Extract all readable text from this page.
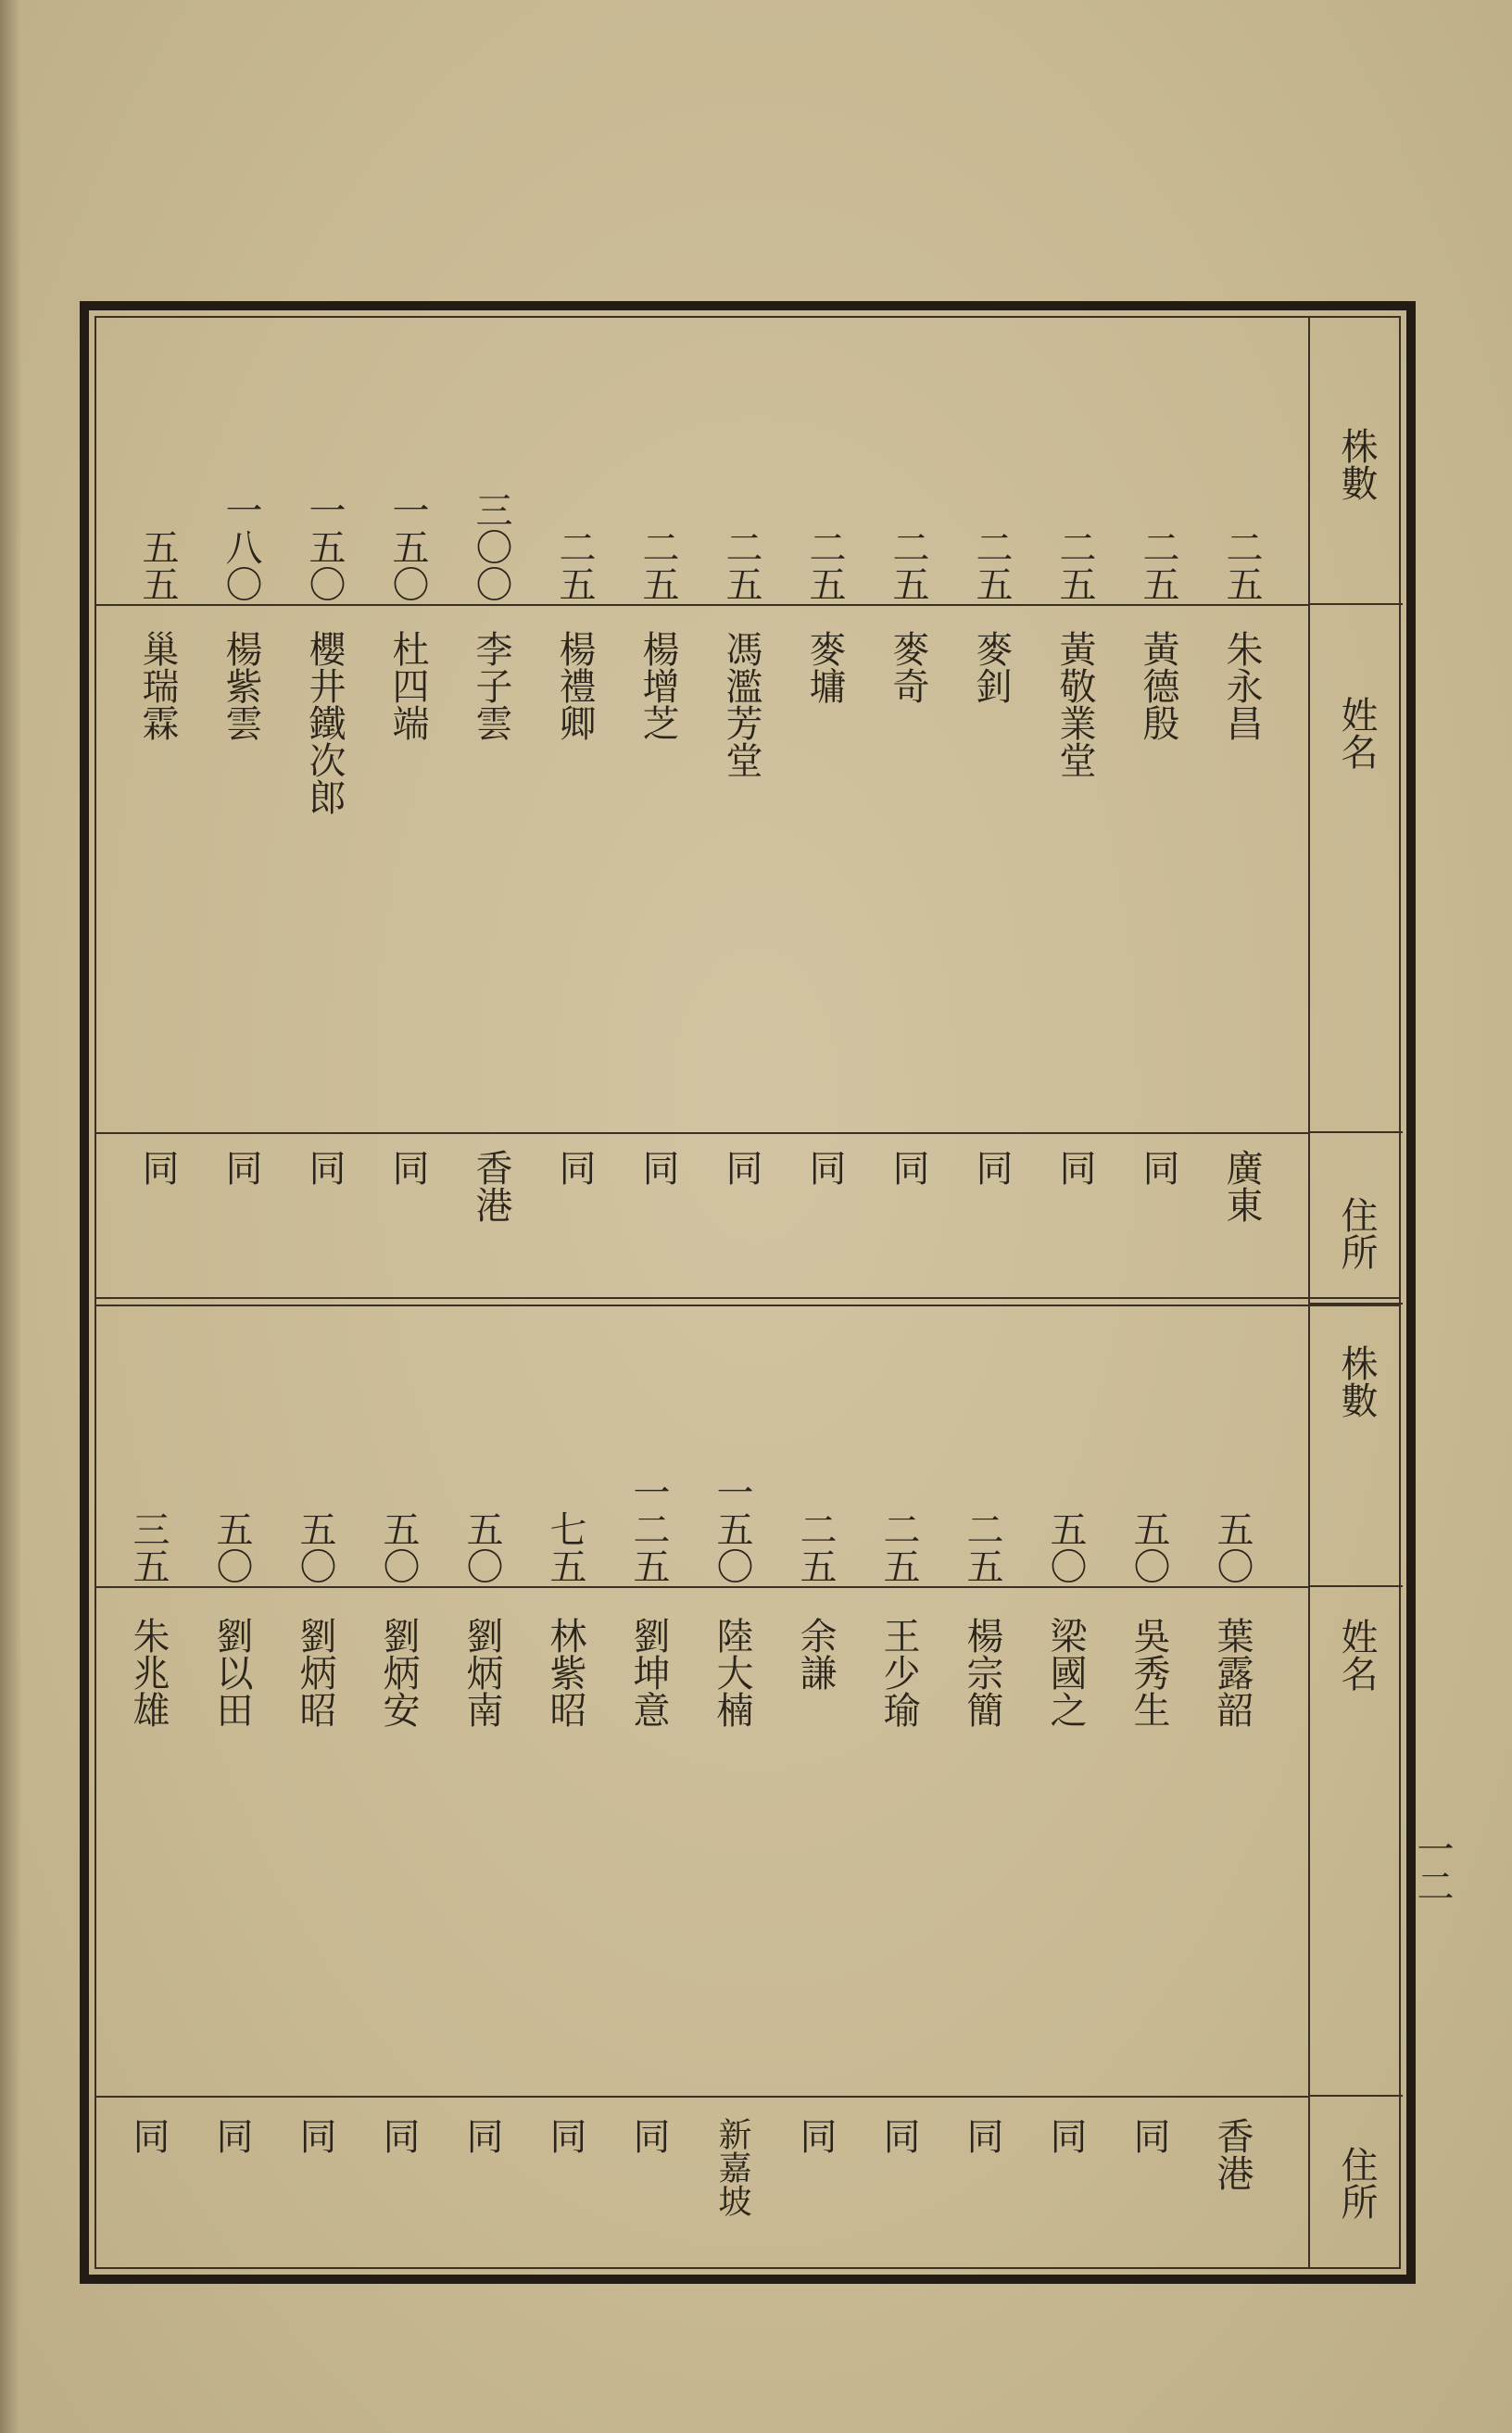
株數
姓名
住所
株數
姓名
住所
二五
朱永昌
廣東
二五
黃德殷
同
二五
黃敬業堂
同
二五
麥釗
同
二五
麥奇
同
二五
麥墉
同
二五
馮濫芳堂
同
二五
楊增芝
同
二五
楊禮卿
同
三〇〇
李子雲
香港
一五〇
杜四端
同
一五〇
櫻井鐵次郎
同
一八〇
楊紫雲
同
五五
巢瑞霖
同
五〇
葉露韶
香港
五〇
吳秀生
同
五〇
梁國之
同
二五
楊宗簡
同
二五
王少瑜
同
二五
余謙
同
一五〇
陸大楠
新嘉坡
一二五
劉坤意
同
七五
林紫昭
同
五〇
劉炳南
同
五〇
劉炳安
同
五〇
劉炳昭
同
五〇
劉以田
同
三五
朱兆雄
同
一二
